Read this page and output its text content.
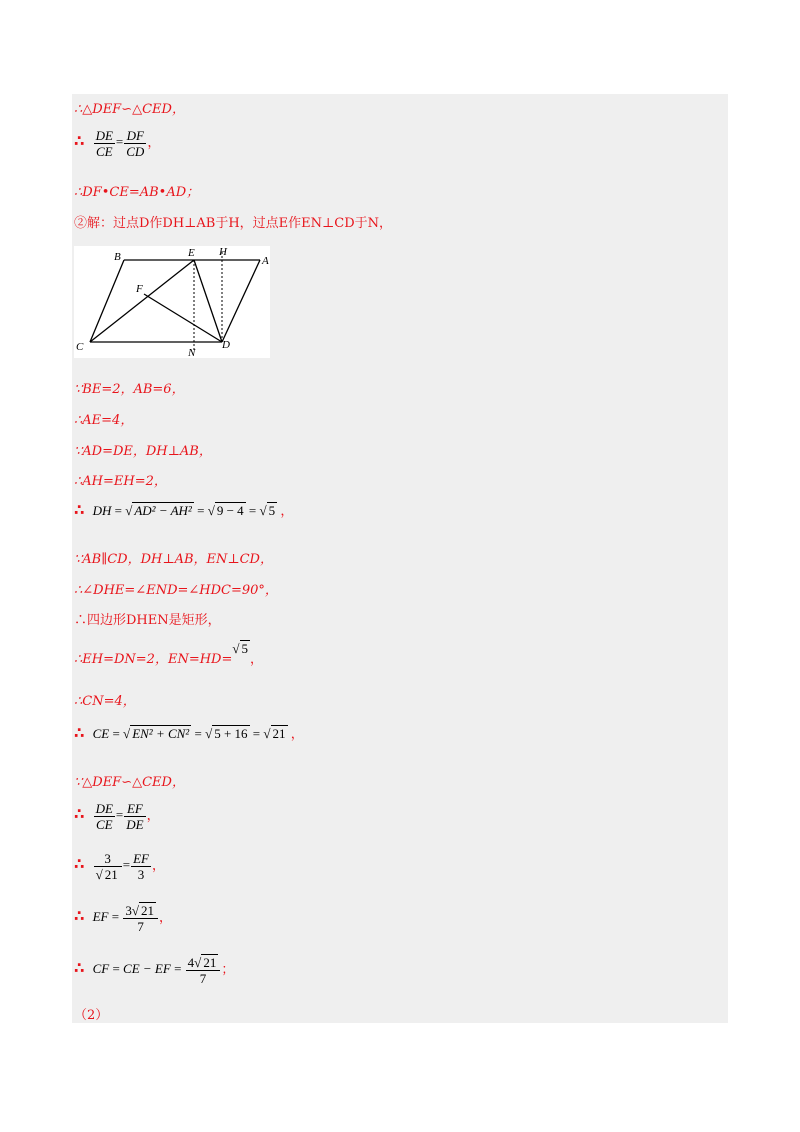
∴△DEF∽△CED，
∴ $\frac{DE}{CE} = \frac{DF}{CD}$ ，
∴DF•CE=AB•AD；
②解：过点D作DH⊥AB于H，过点E作EN⊥CD于N，
B	E H
A
F
C	N
D
∵BE=2，AB=6，
∴AE=4，
∵AD=DE，DH⊥AB，
∴AH=EH=2，
∴ DH = √ AD² − AH² = √ 9 − 4 = √ 5 ，
∵AB∥CD，DH⊥AB，EN⊥CD，
∴∠DHE=∠END=∠HDC=90°，
∴四边形DHEN是矩形，
∴EH=DN=2，EN=HD=√ 5，
∴CN=4，
∴ CE = √ EN² + CN² = √ 5 + 16 = √ 21 ，
∵△DEF∽△CED，
∴ $\frac{DE}{CE} = \frac{EF}{DE}$ ，
∴ $\frac{3}{√ 21} = \frac{EF}{3}$ ，
∴ EF = $\frac{3√ 21}{7}$ ，
∴ CF = CE − EF = $\frac{4√ 21}{7}$ ；
（2）
